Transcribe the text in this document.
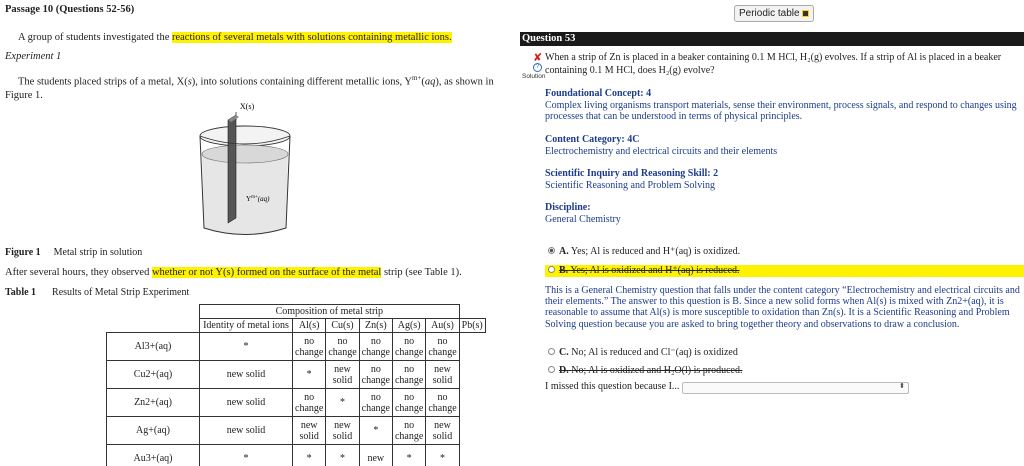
Passage 10 (Questions 52-56)
A group of students investigated the reactions of several metals with solutions containing metallic ions.
Experiment 1
The students placed strips of a metal, X(s), into solutions containing different metallic ions, $Y^{m+}(aq)$, as shown in Figure 1.
X(s)
$Y^{m+}(aq)$
Figure 1 Metal strip in solution
After several hours, they observed whether or not Y(s) formed on the surface of the metal strip (see Table 1).
Table 1 Results of Metal Strip Experiment
	Composition of metal strip						
	Identity of metal ions	Al(s)	Cu(s)	Zn(s)	Ag(s)	Au(s)	Pb(s)
Al3+(aq)	*	no change	no change	no change	no change	no change	
Cu2+(aq)	new solid	*	new solid	no change	no change	new solid	
Zn2+(aq)	new solid	no change	*	no change	no change	no change	
Ag+(aq)	new solid	new solid	new solid	*	no change	new solid	
Au3+(aq)	*	*	*	new	*	*	
Periodic table
Question 53
✘
?
Solution
When a strip of Zn is placed in a beaker containing 0.1 M HCl, H₂(g) evolves. If a strip of Al is placed in a beaker containing 0.1 M HCl, does H₂(g) evolve?
Foundational Concept: 4
Complex living organisms transport materials, sense their environment, process signals, and respond to changes using processes that can be understood in terms of physical principles.
Content Category: 4C
Electrochemistry and electrical circuits and their elements
Scientific Inquiry and Reasoning Skill: 2
Scientific Reasoning and Problem Solving
Discipline:
General Chemistry
A. Yes; Al is reduced and H⁺(aq) is oxidized.
B. Yes; Al is oxidized and H⁺(aq) is reduced.
This is a General Chemistry question that falls under the content category “Electrochemistry and electrical circuits and their elements.” The answer to this question is B. Since a new solid forms when Al(s) is mixed with Zn2+(aq), it is reasonable to assume that Al(s) is more susceptible to oxidation than Zn(s). It is a Scientific Reasoning and Problem Solving question because you are asked to bring together theory and observations to draw a conclusion.
C. No; Al is reduced and Cl⁻(aq) is oxidized
D. No; Al is oxidized and H₂O(l) is produced.
I missed this question because I...	⬍
